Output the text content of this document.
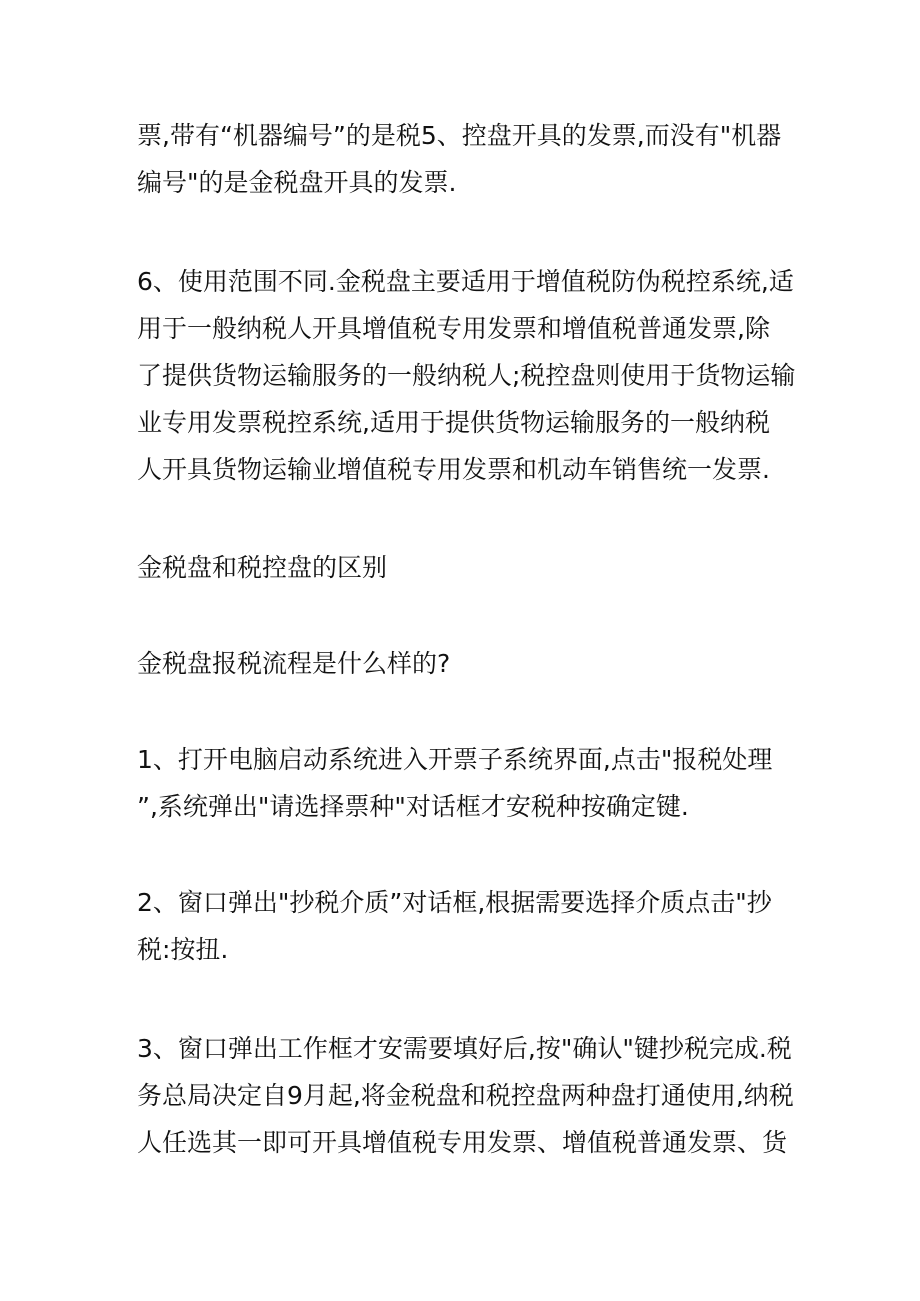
票,带有“机器编号”的是税5、控盘开具的发票,而没有"机器
编号"的是金税盘开具的发票.
6、使用范围不同.金税盘主要适用于增值税防伪税控系统,适
用于一般纳税人开具增值税专用发票和增值税普通发票,除
了提供货物运输服务的一般纳税人;税控盘则使用于货物运输
业专用发票税控系统,适用于提供货物运输服务的一般纳税
人开具货物运输业增值税专用发票和机动车销售统一发票.
金税盘和税控盘的区别
金税盘报税流程是什么样的?
1、打开电脑启动系统进入开票子系统界面,点击"报税处理
”,系统弹出"请选择票种"对话框才安税种按确定键.
2、窗口弹出"抄税介质”对话框,根据需要选择介质点击"抄
税:按扭.
3、窗口弹出工作框才安需要填好后,按"确认"键抄税完成.税
务总局决定自9月起,将金税盘和税控盘两种盘打通使用,纳税
人任选其一即可开具增值税专用发票、增值税普通发票、货
